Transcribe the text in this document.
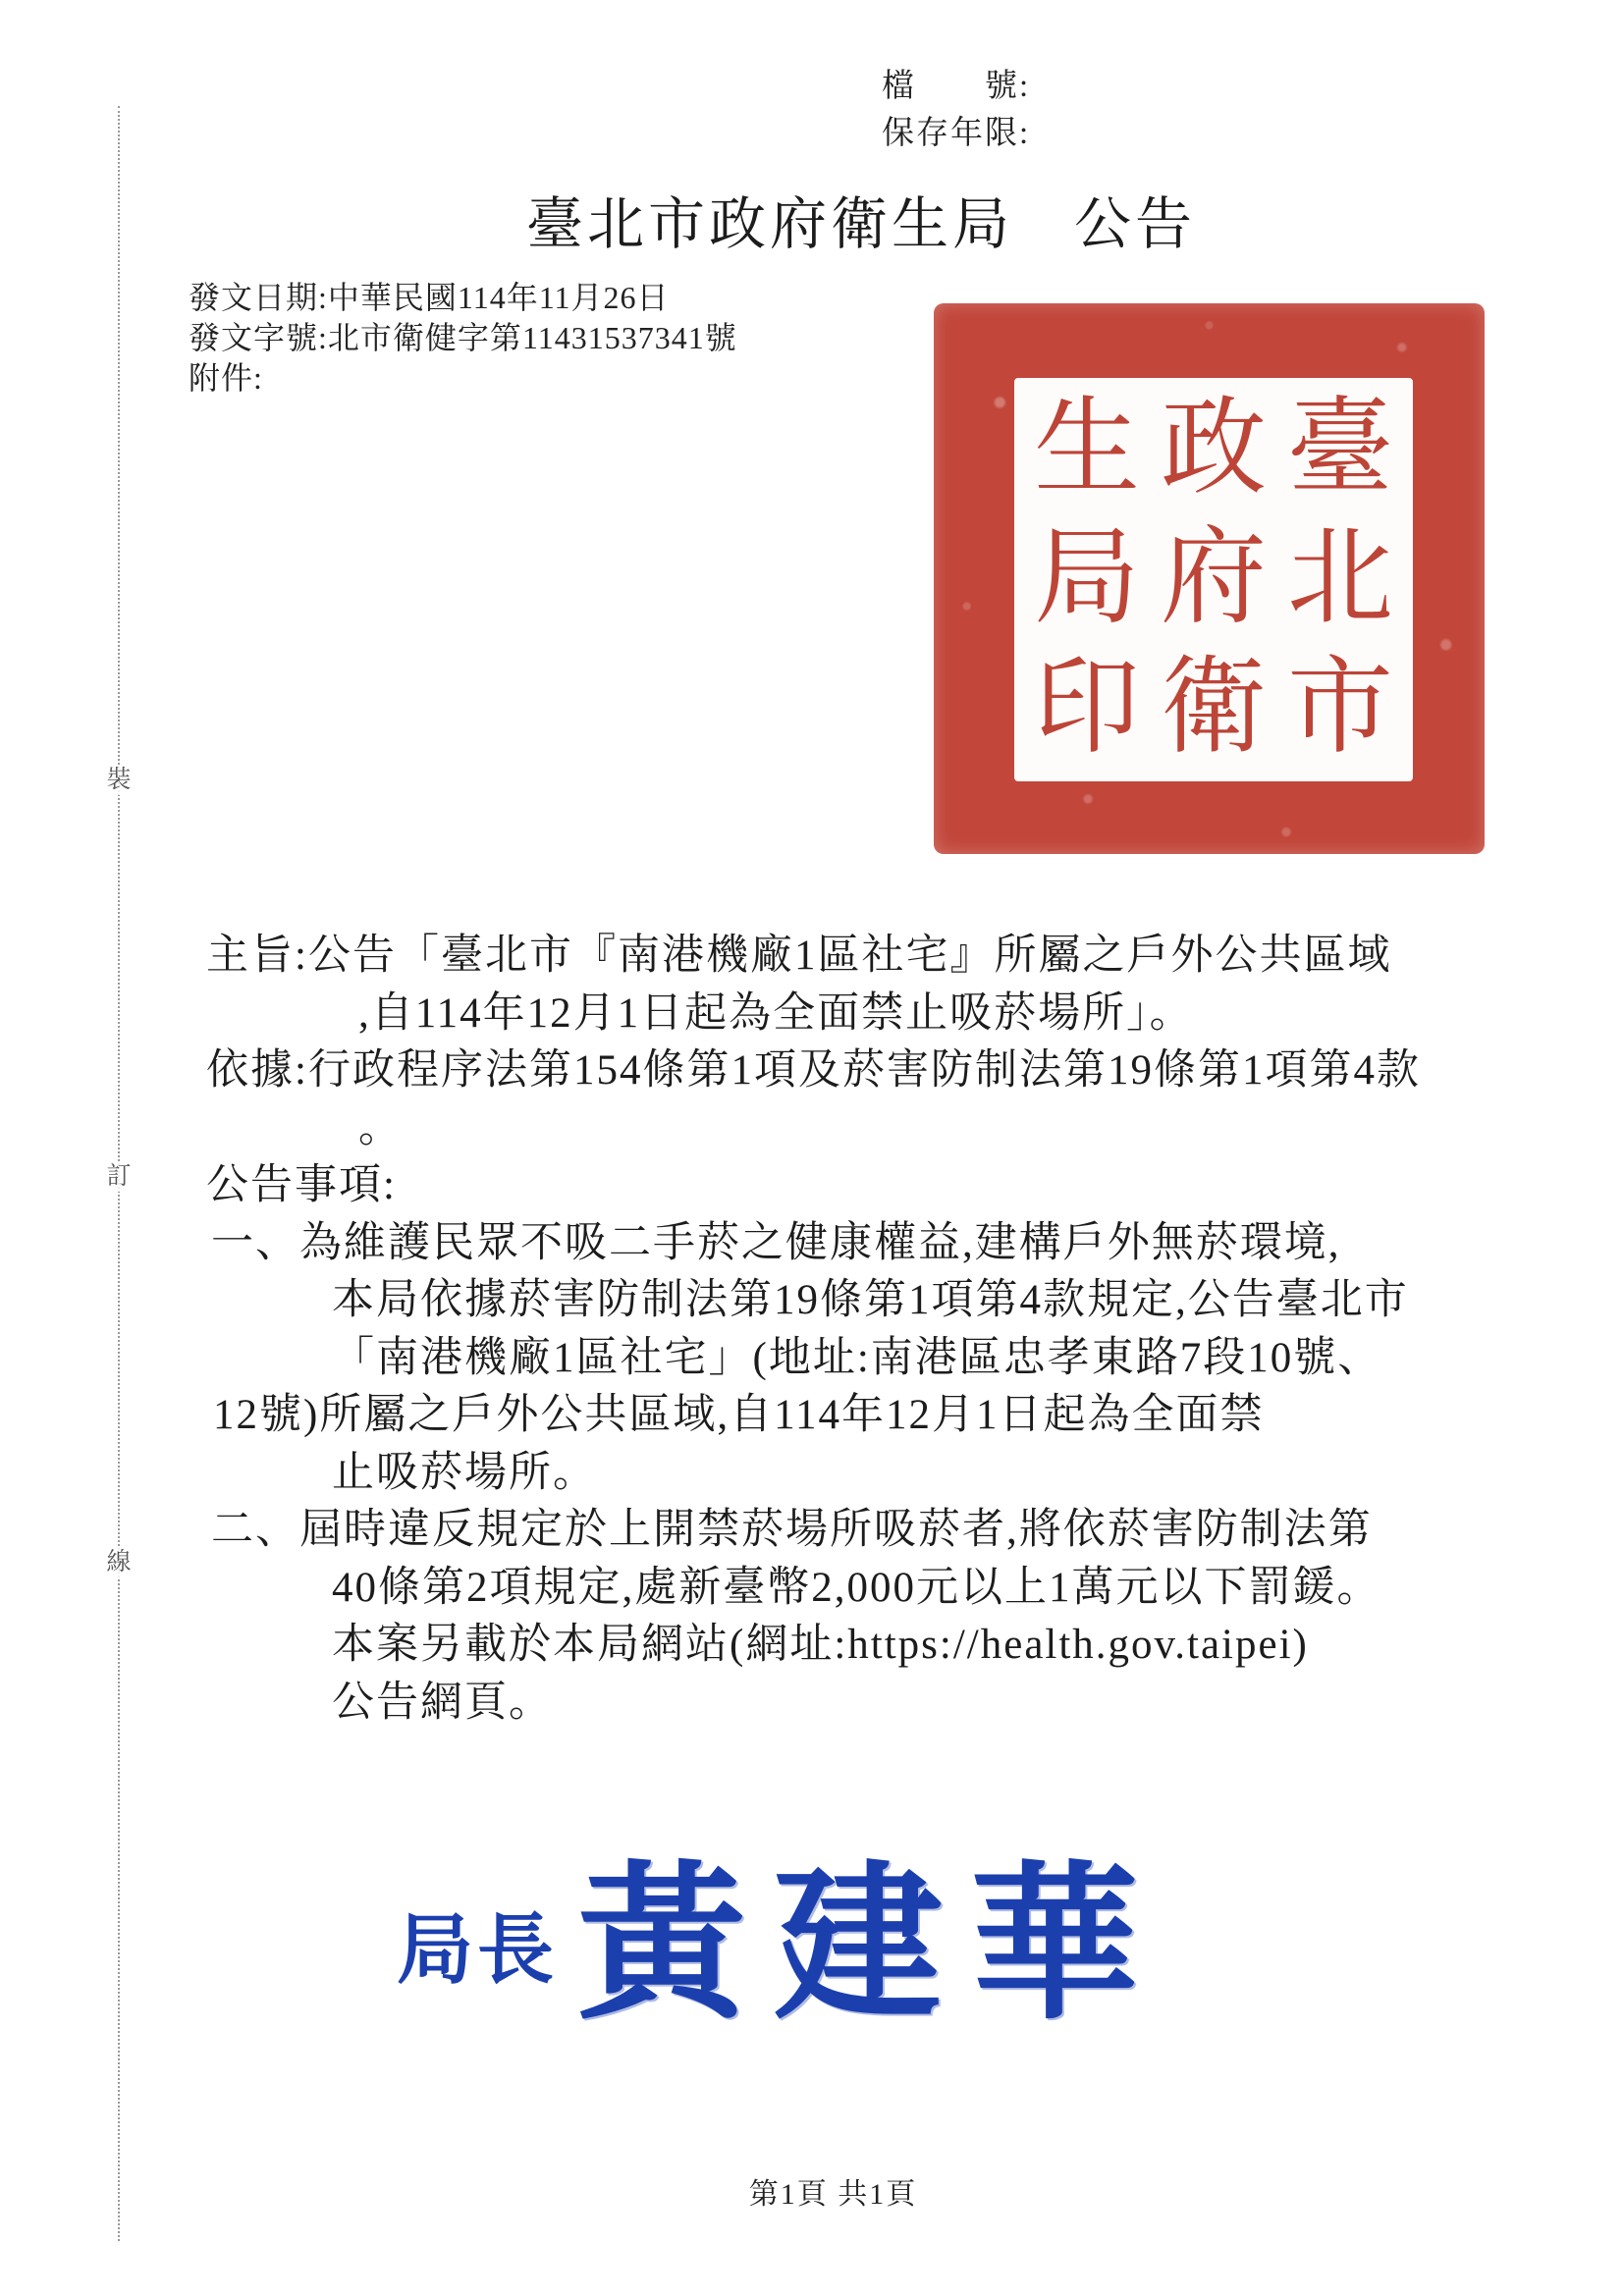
裝
訂
線
檔　　號:
保存年限:
臺北市政府衛生局　公告
發文日期:中華民國114年11月26日
發文字號:北市衛健字第11431537341號
附件:
臺
北
市
政
府
衛
生
局
印
主旨:公告「臺北市『南港機廠1區社宅』所屬之戶外公共區域
,自114年12月1日起為全面禁止吸菸場所」。
依據:行政程序法第154條第1項及菸害防制法第19條第1項第4款
。
公告事項:
一、為維護民眾不吸二手菸之健康權益,建構戶外無菸環境,
本局依據菸害防制法第19條第1項第4款規定,公告臺北市
「南港機廠1區社宅」(地址:南港區忠孝東路7段10號、
12號)所屬之戶外公共區域,自114年12月1日起為全面禁
止吸菸場所。
二、屆時違反規定於上開禁菸場所吸菸者,將依菸害防制法第
40條第2項規定,處新臺幣2,000元以上1萬元以下罰鍰。
本案另載於本局網站(網址:https://health.gov.taipei)
公告網頁。
局長 黃建華
第1頁 共1頁
